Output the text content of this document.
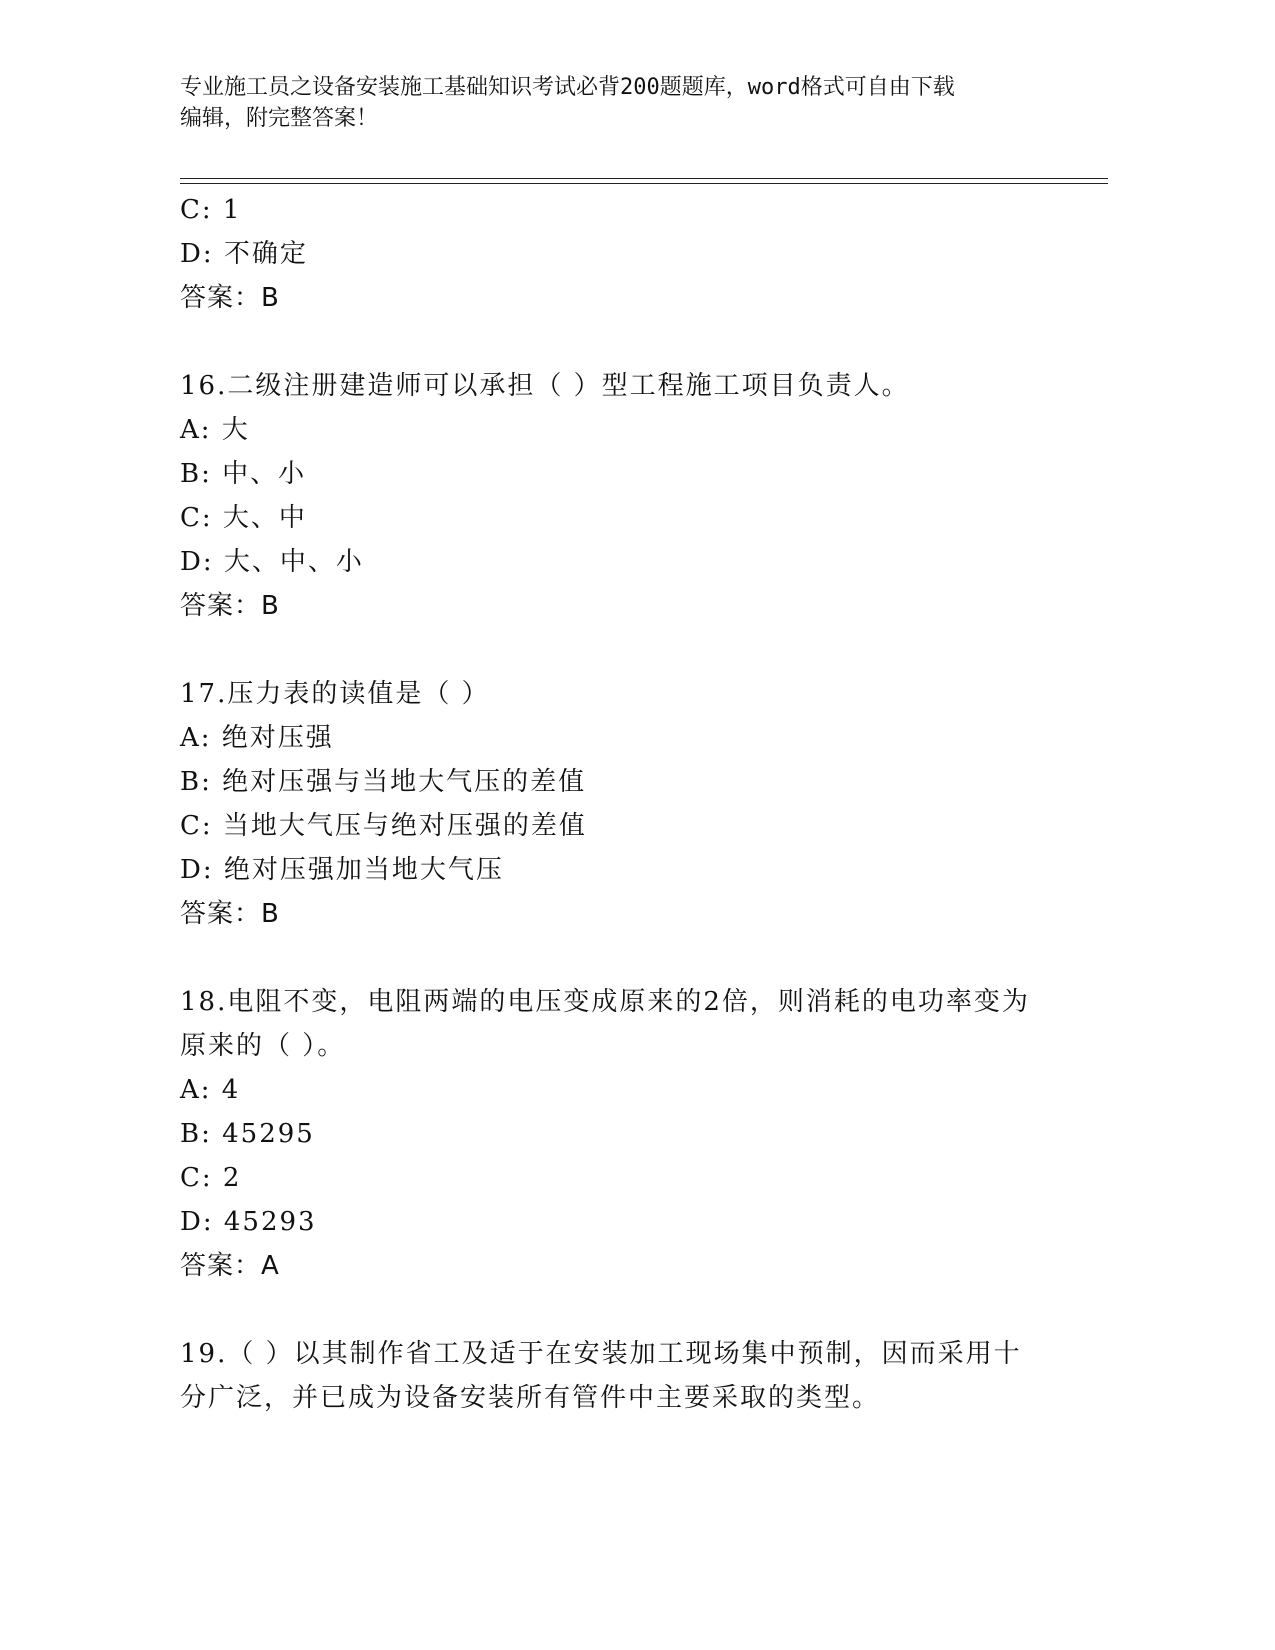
专业施工员之设备安装施工基础知识考试必背200题题库，word格式可自由下载
编辑，附完整答案！
C: 1
D: 不确定
答案：B
16.二级注册建造师可以承担（ ）型工程施工项目负责人。
A: 大
B: 中、小
C: 大、中
D: 大、中、小
答案：B
17.压力表的读值是（ ）
A: 绝对压强
B: 绝对压强与当地大气压的差值
C: 当地大气压与绝对压强的差值
D: 绝对压强加当地大气压
答案：B
18.电阻不变，电阻两端的电压变成原来的2倍，则消耗的电功率变为
原来的（ ）。
A: 4
B: 45295
C: 2
D: 45293
答案：A
19.（ ）以其制作省工及适于在安装加工现场集中预制，因而采用十
分广泛，并已成为设备安装所有管件中主要采取的类型。
